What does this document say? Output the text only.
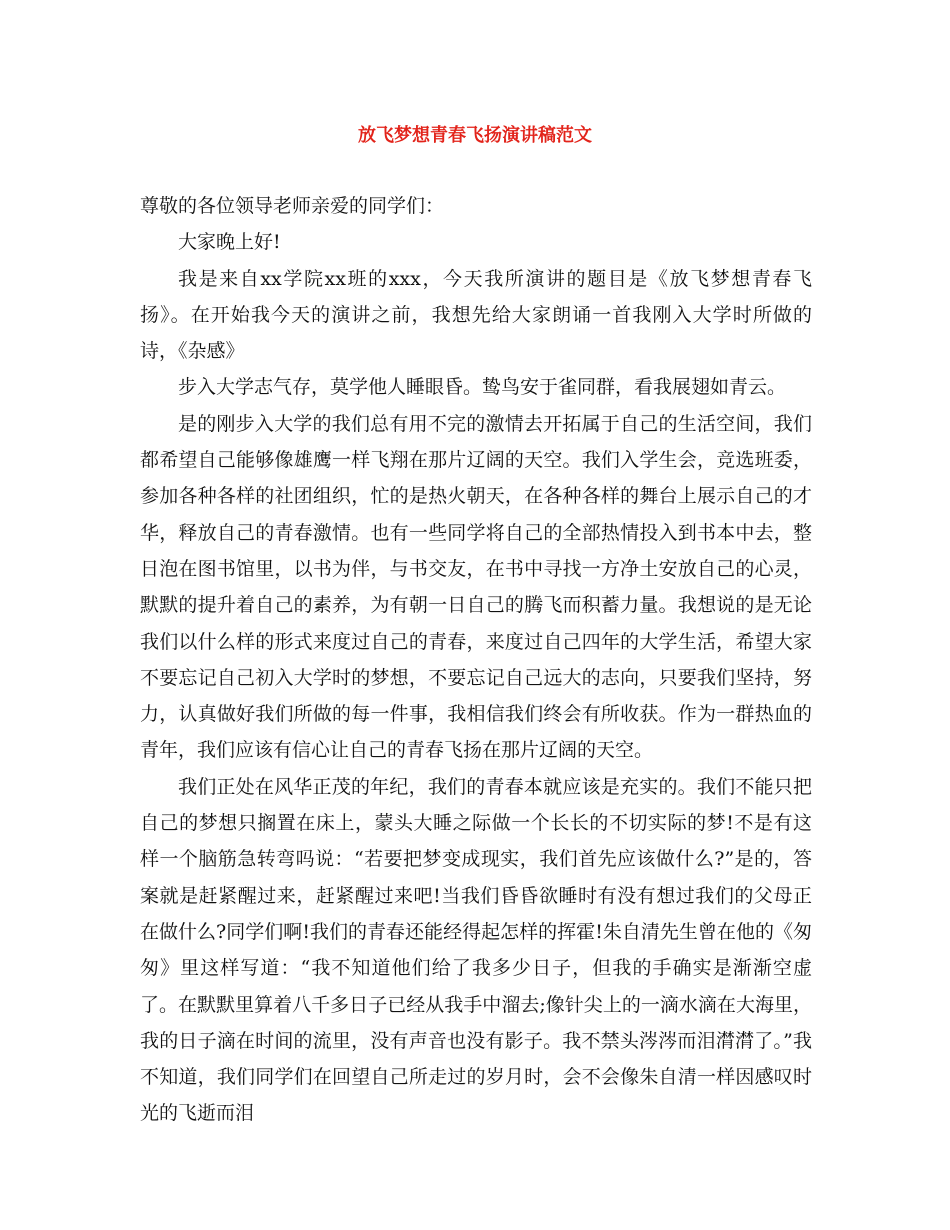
放飞梦想青春飞扬演讲稿范文

尊敬的各位领导老师亲爱的同学们：

大家晚上好!

我是来自xx学院xx班的xxx，今天我所演讲的题目是《放飞梦想青春飞扬》。在开始我今天的演讲之前，我想先给大家朗诵一首我刚入大学时所做的诗，《杂感》

步入大学志气存，莫学他人睡眼昏。鸷鸟安于雀同群，看我展翅如青云。

是的刚步入大学的我们总有用不完的激情去开拓属于自己的生活空间，我们都希望自己能够像雄鹰一样飞翔在那片辽阔的天空。我们入学生会，竞选班委，参加各种各样的社团组织，忙的是热火朝天，在各种各样的舞台上展示自己的才华，释放自己的青春激情。也有一些同学将自己的全部热情投入到书本中去，整日泡在图书馆里，以书为伴，与书交友，在书中寻找一方净土安放自己的心灵，默默的提升着自己的素养，为有朝一日自己的腾飞而积蓄力量。我想说的是无论我们以什么样的形式来度过自己的青春，来度过自己四年的大学生活，希望大家不要忘记自己初入大学时的梦想，不要忘记自己远大的志向，只要我们坚持，努力，认真做好我们所做的每一件事，我相信我们终会有所收获。作为一群热血的青年，我们应该有信心让自己的青春飞扬在那片辽阔的天空。

我们正处在风华正茂的年纪，我们的青春本就应该是充实的。我们不能只把自己的梦想只搁置在床上，蒙头大睡之际做一个长长的不切实际的梦!不是有这样一个脑筋急转弯吗说：“若要把梦变成现实，我们首先应该做什么?”是的，答案就是赶紧醒过来，赶紧醒过来吧!当我们昏昏欲睡时有没有想过我们的父母正在做什么?同学们啊!我们的青春还能经得起怎样的挥霍!朱自清先生曾在他的《匆匆》里这样写道：“我不知道他们给了我多少日子，但我的手确实是渐渐空虚了。在默默里算着八千多日子已经从我手中溜去;像针尖上的一滴水滴在大海里，我的日子滴在时间的流里，没有声音也没有影子。我不禁头涔涔而泪潸潸了。”我不知道，我们同学们在回望自己所走过的岁月时，会不会像朱自清一样因感叹时光的飞逝而泪
